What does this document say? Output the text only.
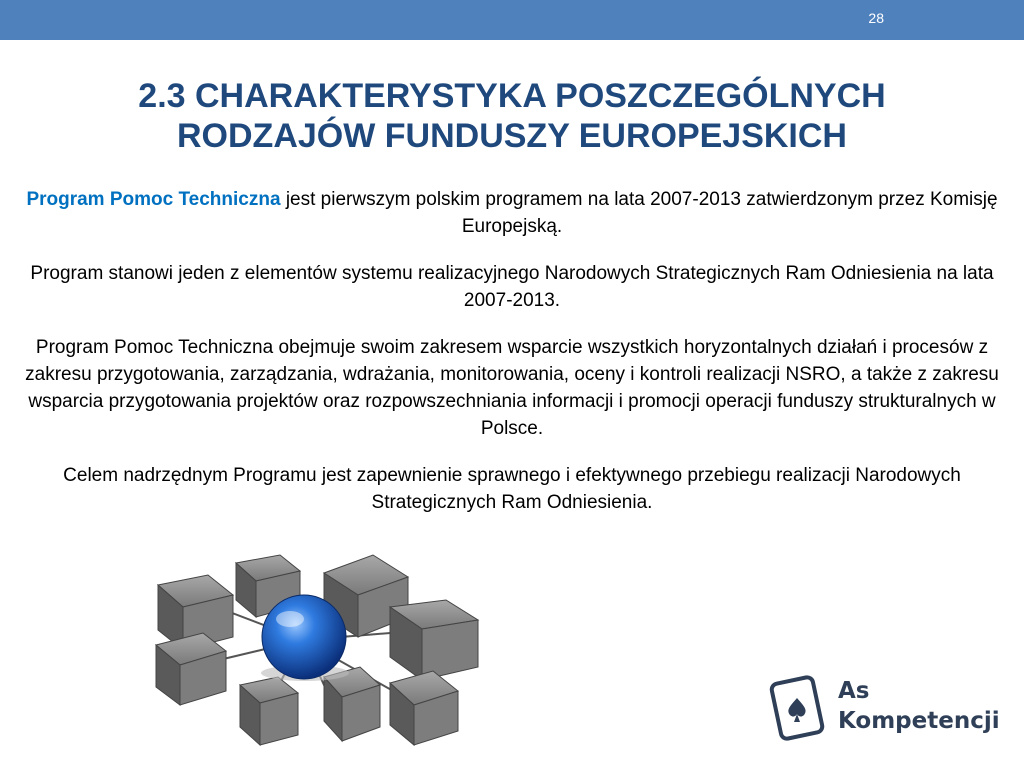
28
2.3 CHARAKTERYSTYKA POSZCZEGÓLNYCH
RODZAJÓW FUNDUSZY EUROPEJSKICH

Program Pomoc Techniczna jest pierwszym polskim programem na lata 2007-2013 zatwierdzonym przez Komisję Europejską.

Program stanowi jeden z elementów systemu realizacyjnego Narodowych Strategicznych Ram Odniesienia na lata 2007-2013.

Program Pomoc Techniczna obejmuje swoim zakresem wsparcie wszystkich horyzontalnych działań i procesów z zakresu przygotowania, zarządzania, wdrażania, monitorowania, oceny i kontroli realizacji NSRO, a także z zakresu wsparcia przygotowania projektów oraz rozpowszechniania informacji i promocji operacji funduszy strukturalnych w Polsce.

Celem nadrzędnym Programu jest zapewnienie sprawnego i efektywnego przebiegu realizacji Narodowych Strategicznych Ram Odniesienia.

As
Kompetencji
